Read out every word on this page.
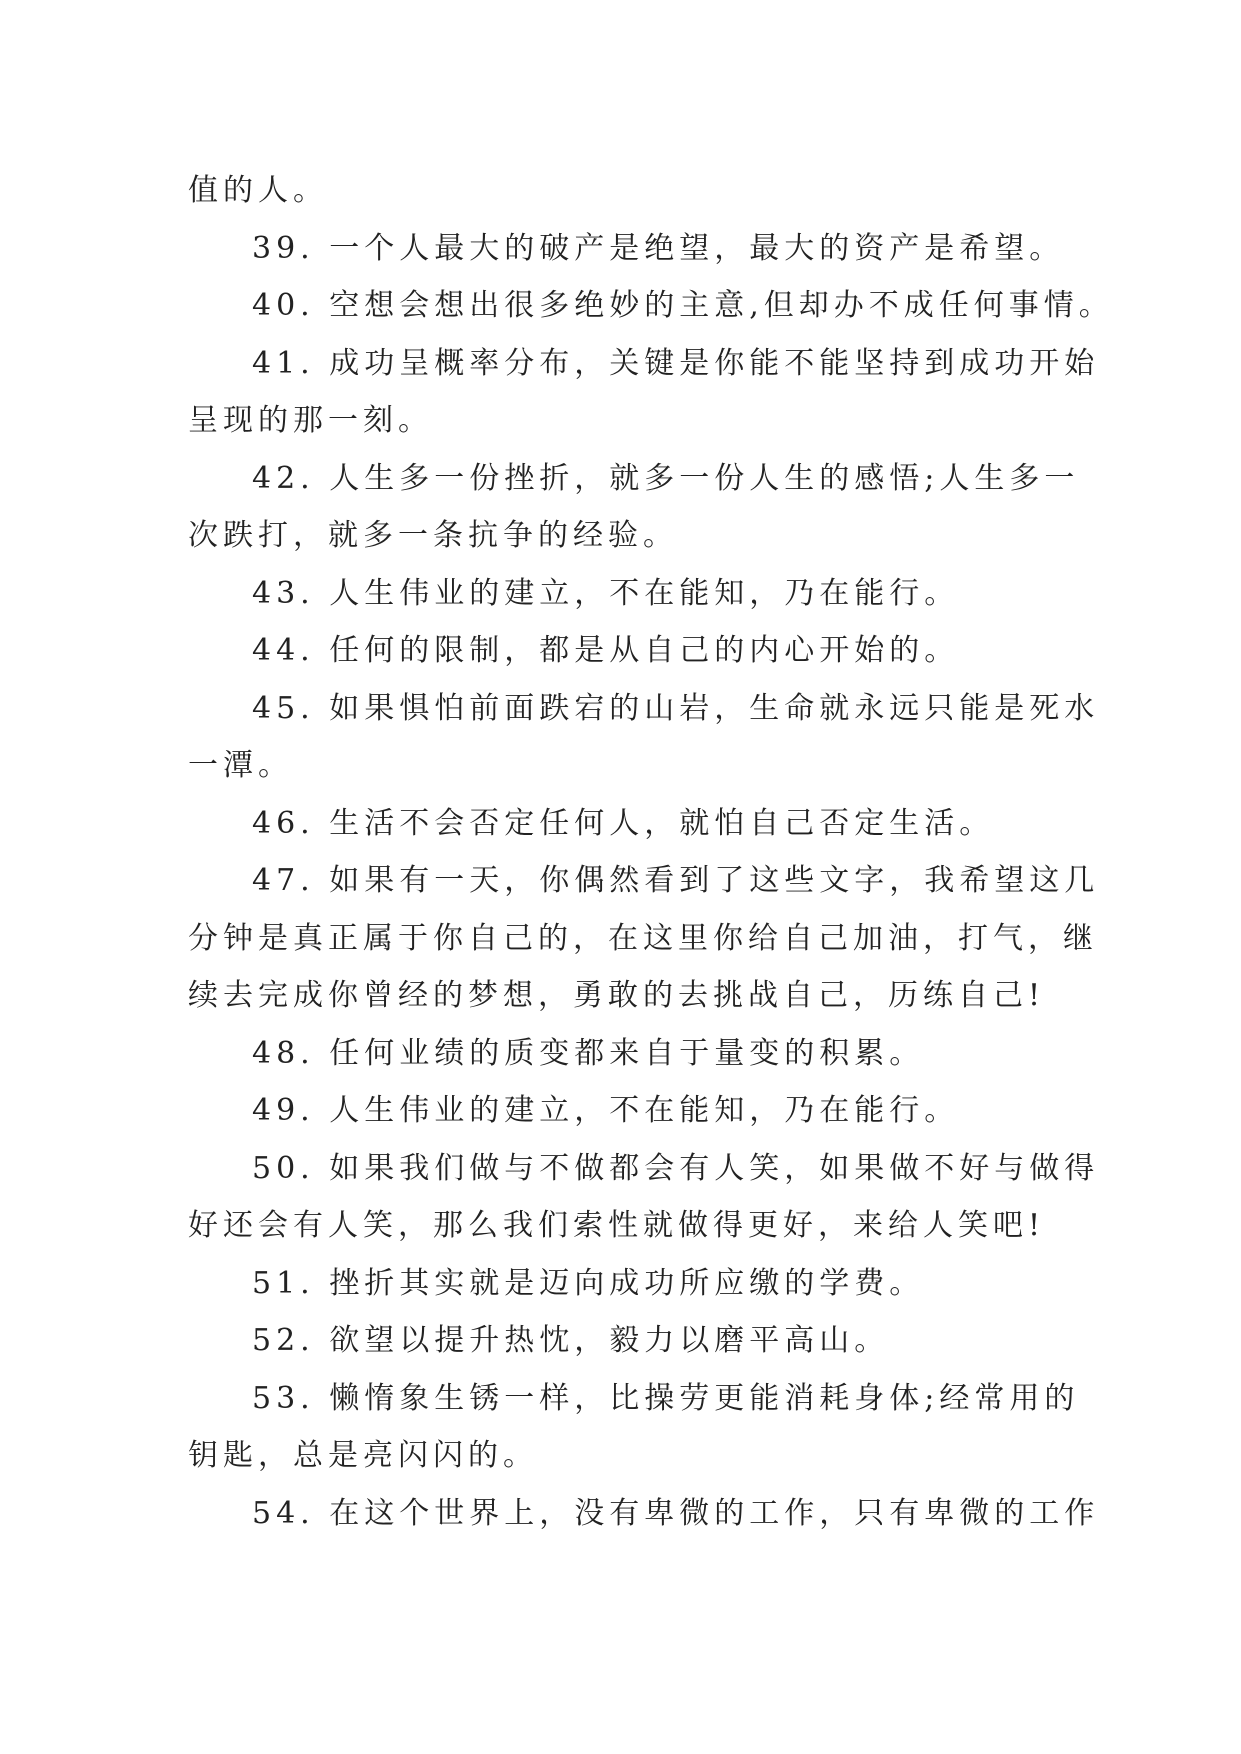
值的人。
39. 一个人最大的破产是绝望，最大的资产是希望。
40. 空想会想出很多绝妙的主意,但却办不成任何事情。
41. 成功呈概率分布，关键是你能不能坚持到成功开始
呈现的那一刻。
42. 人生多一份挫折，就多一份人生的感悟;人生多一
次跌打，就多一条抗争的经验。
43. 人生伟业的建立，不在能知，乃在能行。
44. 任何的限制，都是从自己的内心开始的。
45. 如果惧怕前面跌宕的山岩，生命就永远只能是死水
一潭。
46. 生活不会否定任何人，就怕自己否定生活。
47. 如果有一天，你偶然看到了这些文字，我希望这几
分钟是真正属于你自己的，在这里你给自己加油，打气，继
续去完成你曾经的梦想，勇敢的去挑战自己，历练自己!
48. 任何业绩的质变都来自于量变的积累。
49. 人生伟业的建立，不在能知，乃在能行。
50. 如果我们做与不做都会有人笑，如果做不好与做得
好还会有人笑，那么我们索性就做得更好，来给人笑吧!
51. 挫折其实就是迈向成功所应缴的学费。
52. 欲望以提升热忱，毅力以磨平高山。
53. 懒惰象生锈一样，比操劳更能消耗身体;经常用的
钥匙，总是亮闪闪的。
54. 在这个世界上，没有卑微的工作，只有卑微的工作
